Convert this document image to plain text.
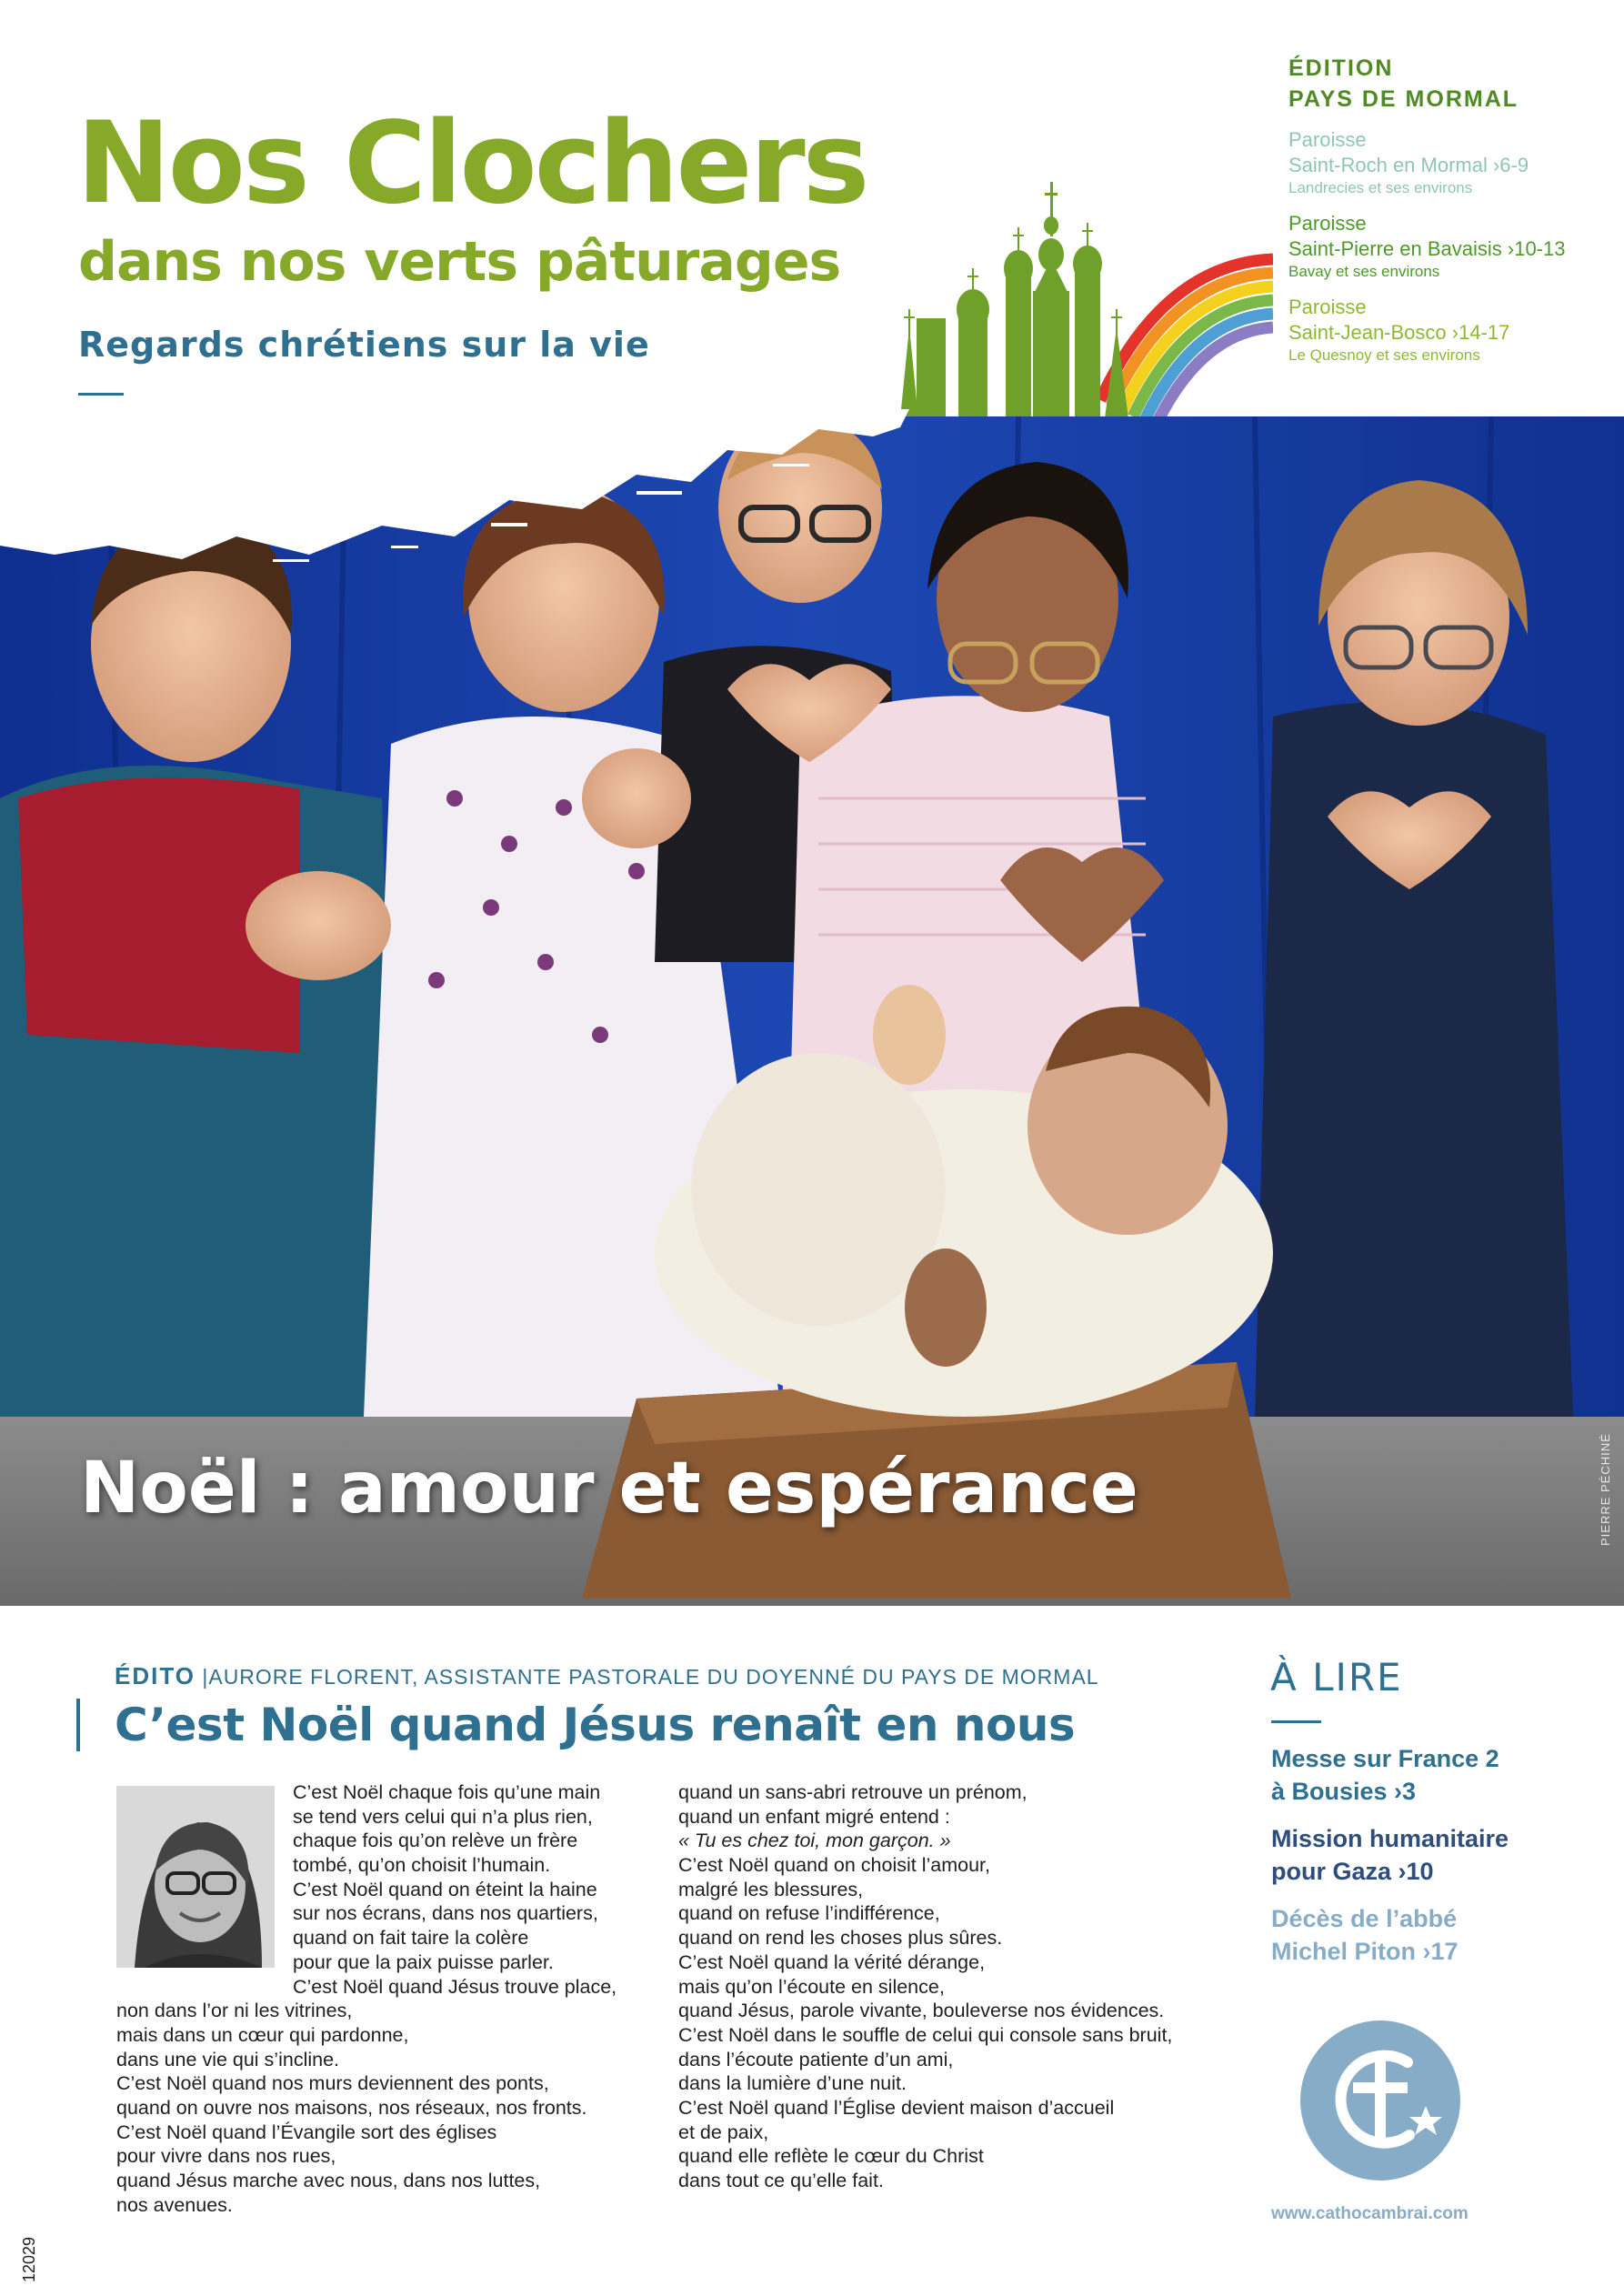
Nos Clochers
dans nos verts pâturages
Regards chrétiens sur la vie
ÉDITION
PAYS DE MORMAL
Paroisse
Saint-Roch en Mormal ›6-9
Landrecies et ses environs
Paroisse
Saint-Pierre en Bavaisis ›10-13
Bavay et ses environs
Paroisse
Saint-Jean-Bosco ›14-17
Le Quesnoy et ses environs
Noël : amour et espérance	PIERRE PÉCHINÉ
ÉDITO |AURORE FLORENT, ASSISTANTE PASTORALE DU DOYENNÉ DU PAYS DE MORMAL
C’est Noël quand Jésus renaît en nous
C’est Noël chaque fois qu’une main
se tend vers celui qui n’a plus rien,
chaque fois qu’on relève un frère
tombé, qu’on choisit l’humain.
C’est Noël quand on éteint la haine
sur nos écrans, dans nos quartiers,
quand on fait taire la colère
pour que la paix puisse parler.
C’est Noël quand Jésus trouve place,
non dans l’or ni les vitrines,
mais dans un cœur qui pardonne,
dans une vie qui s’incline.
C’est Noël quand nos murs deviennent des ponts,
quand on ouvre nos maisons, nos réseaux, nos fronts.
C’est Noël quand l’Évangile sort des églises
pour vivre dans nos rues,
quand Jésus marche avec nous, dans nos luttes,
nos avenues.
quand un sans-abri retrouve un prénom,
quand un enfant migré entend :
« Tu es chez toi, mon garçon. »
C’est Noël quand on choisit l’amour,
malgré les blessures,
quand on refuse l’indifférence,
quand on rend les choses plus sûres.
C’est Noël quand la vérité dérange,
mais qu’on l’écoute en silence,
quand Jésus, parole vivante, bouleverse nos évidences.
C’est Noël dans le souffle de celui qui console sans bruit,
dans l’écoute patiente d’un ami,
dans la lumière d’une nuit.
C’est Noël quand l’Église devient maison d’accueil
et de paix,
quand elle reflète le cœur du Christ
dans tout ce qu’elle fait.
À LIRE
Messe sur France 2
à Bousies ›3
Mission humanitaire
pour Gaza ›10
Décès de l’abbé
Michel Piton ›17
www.cathocambrai.com
12029
